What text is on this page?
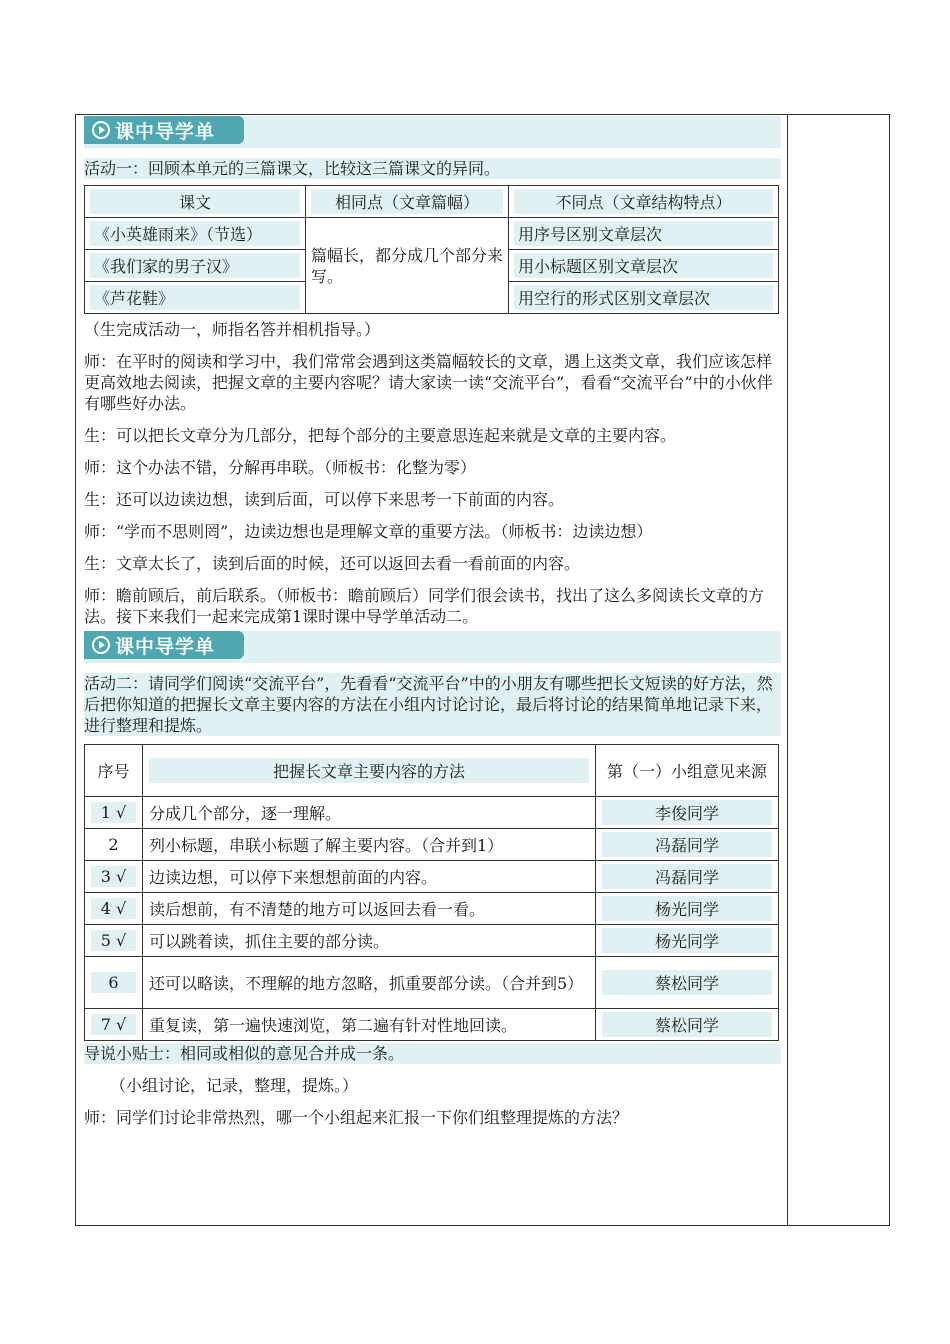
课中导学单

活动一：回顾本单元的三篇课文，比较这三篇课文的异同。

课文	相同点（文章篇幅）	不同点（文章结构特点）

《小英雄雨来》（节选）	篇幅长，都分成几个部分来写。	用序号区别文章层次

《我们家的男子汉》		用小标题区别文章层次

《芦花鞋》		用空行的形式区别文章层次

（生完成活动一，师指名答并相机指导。）

师：在平时的阅读和学习中，我们常常会遇到这类篇幅较长的文章，遇上这类文章，我们应该怎样更高效地去阅读，把握文章的主要内容呢？请大家读一读“交流平台”，看看“交流平台”中的小伙伴有哪些好办法。

生：可以把长文章分为几部分，把每个部分的主要意思连起来就是文章的主要内容。

师：这个办法不错，分解再串联。（师板书：化整为零）

生：还可以边读边想，读到后面，可以停下来思考一下前面的内容。

师：“学而不思则罔”，边读边想也是理解文章的重要方法。（师板书：边读边想）

生：文章太长了，读到后面的时候，还可以返回去看一看前面的内容。

师：瞻前顾后，前后联系。（师板书：瞻前顾后）同学们很会读书，找出了这么多阅读长文章的方法。接下来我们一起来完成第1课时课中导学单活动二。

课中导学单

活动二：请同学们阅读“交流平台”，先看看“交流平台”中的小朋友有哪些把长文短读的好方法，然后把你知道的把握长文章主要内容的方法在小组内讨论讨论，最后将讨论的结果简单地记录下来，进行整理和提炼。

序号	把握长文章主要内容的方法	第（一）小组意见来源

1 √	分成几个部分，逐一理解。	李俊同学

2	列小标题，串联小标题了解主要内容。（合并到1）	冯磊同学

3 √	边读边想，可以停下来想想前面的内容。	冯磊同学

4 √	读后想前，有不清楚的地方可以返回去看一看。	杨光同学

5 √	可以跳着读，抓住主要的部分读。	杨光同学

6	还可以略读，不理解的地方忽略，抓重要部分读。（合并到5）	蔡松同学

7 √	重复读，第一遍快速浏览，第二遍有针对性地回读。	蔡松同学

导说小贴士：相同或相似的意见合并成一条。

（小组讨论，记录，整理，提炼。）

师：同学们讨论非常热烈，哪一个小组起来汇报一下你们组整理提炼的方法？
